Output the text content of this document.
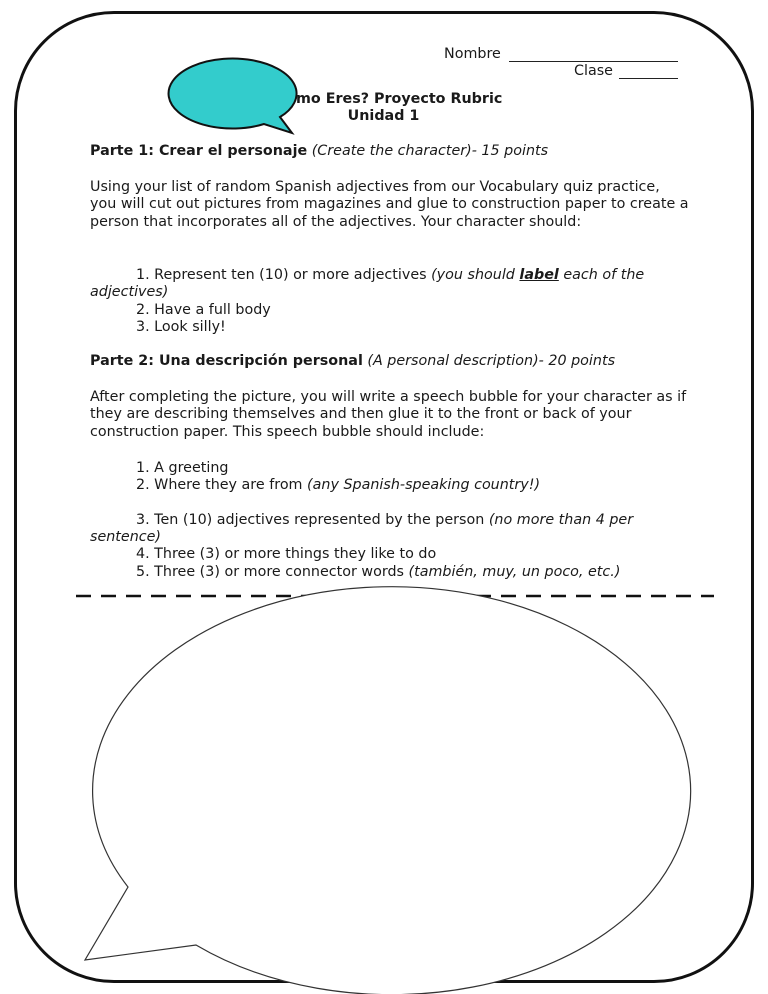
Nombre
Clase
mo Eres? Proyecto Rubric
Unidad 1
Parte 1: Crear el personaje (Create the character)- 15 points
Using your list of random Spanish adjectives from our Vocabulary quiz practice, you will cut out pictures from magazines and glue to construction paper to create a person that incorporates all of the adjectives. Your character should:
1. Represent ten (10) or more adjectives (you should label each of the
adjectives)
2. Have a full body
3. Look silly!
Parte 2: Una descripción personal (A personal description)- 20 points
After completing the picture, you will write a speech bubble for your character as if they are describing themselves and then glue it to the front or back of your construction paper. This speech bubble should include:
1. A greeting
2. Where they are from (any Spanish-speaking country!)
3. Ten (10) adjectives represented by the person (no more than 4 per
sentence)
4. Three (3) or more things they like to do
5. Three (3) or more connector words (también, muy, un poco, etc.)
